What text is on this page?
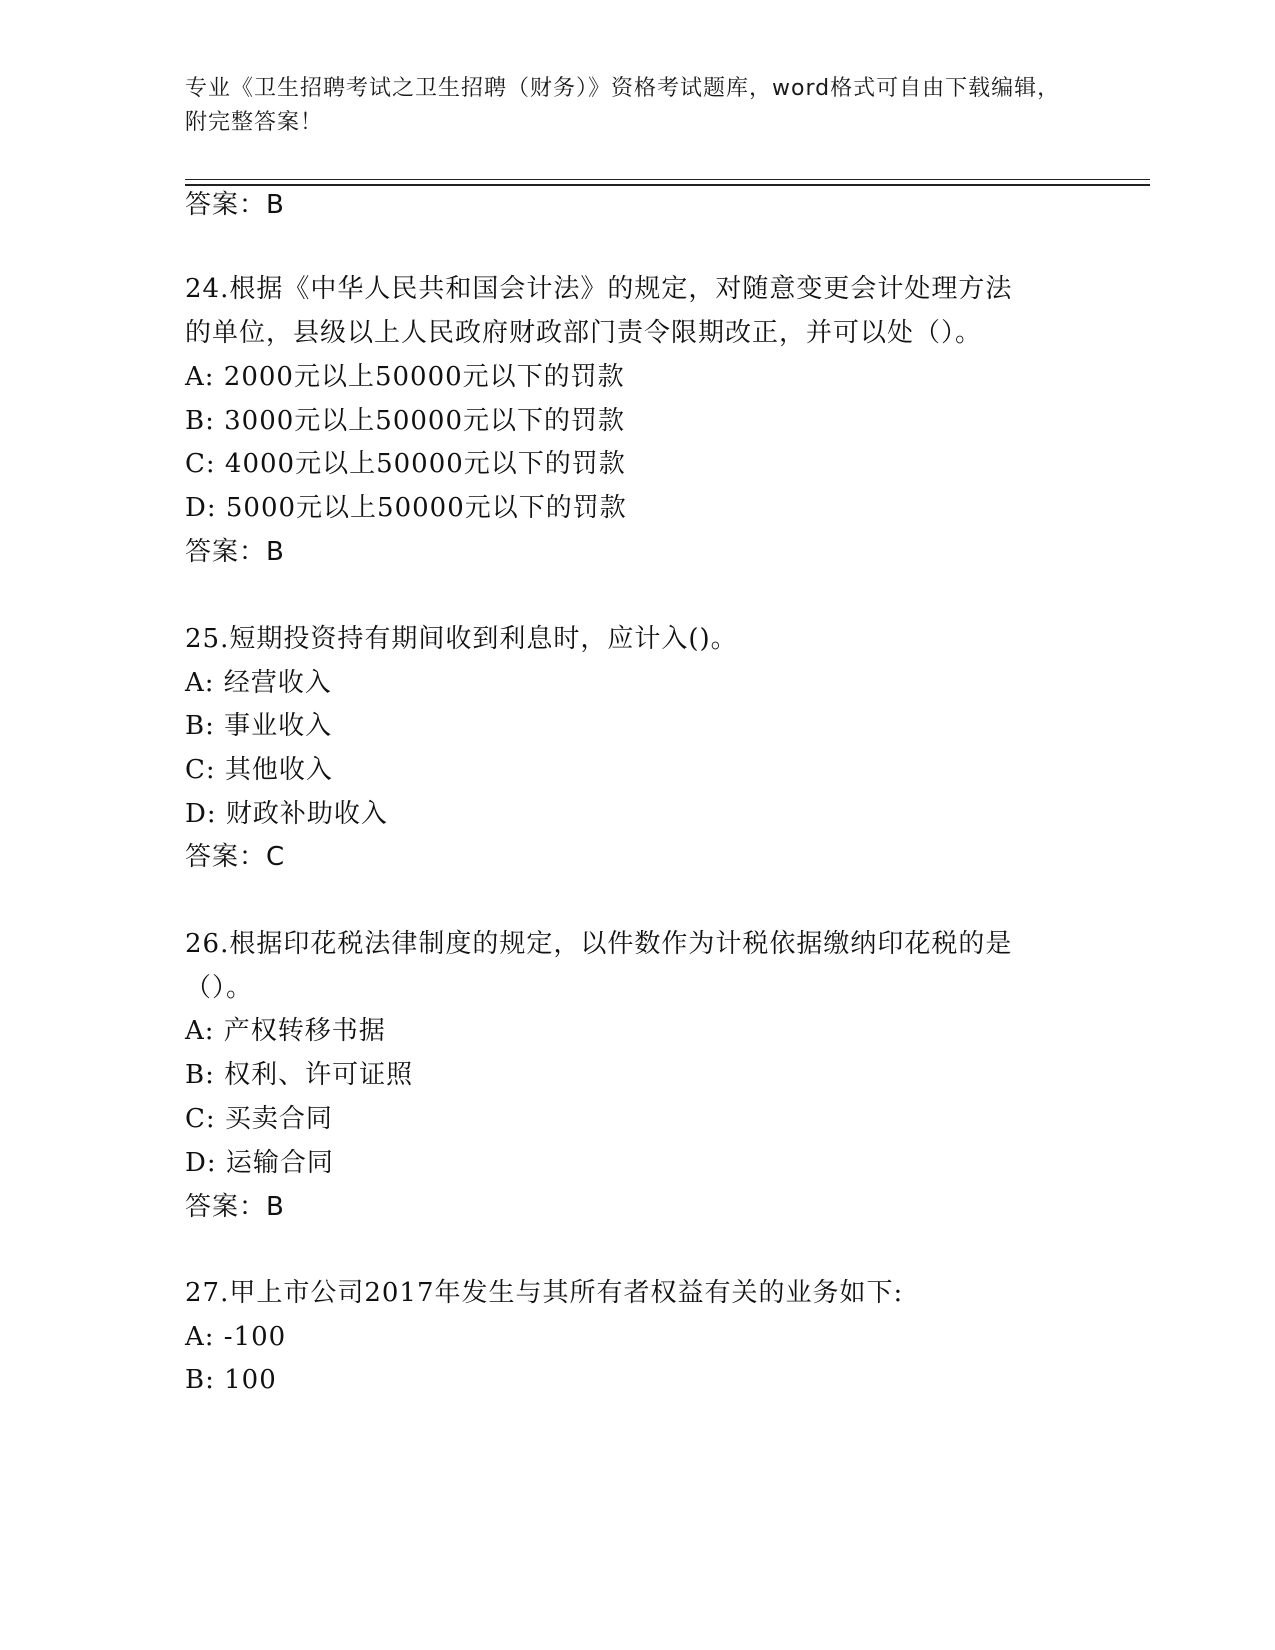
专业《卫生招聘考试之卫生招聘（财务）》资格考试题库，word格式可自由下载编辑，附完整答案！
答案：B
24.根据《中华人民共和国会计法》的规定，对随意变更会计处理方法
的单位，县级以上人民政府财政部门责令限期改正，并可以处（）。
A: 2000元以上50000元以下的罚款
B: 3000元以上50000元以下的罚款
C: 4000元以上50000元以下的罚款
D: 5000元以上50000元以下的罚款
答案：B
25.短期投资持有期间收到利息时，应计入()。
A: 经营收入
B: 事业收入
C: 其他收入
D: 财政补助收入
答案：C
26.根据印花税法律制度的规定，以件数作为计税依据缴纳印花税的是
（）。
A: 产权转移书据
B: 权利、许可证照
C: 买卖合同
D: 运输合同
答案：B
27.甲上市公司2017年发生与其所有者权益有关的业务如下:
A: -100
B: 100
